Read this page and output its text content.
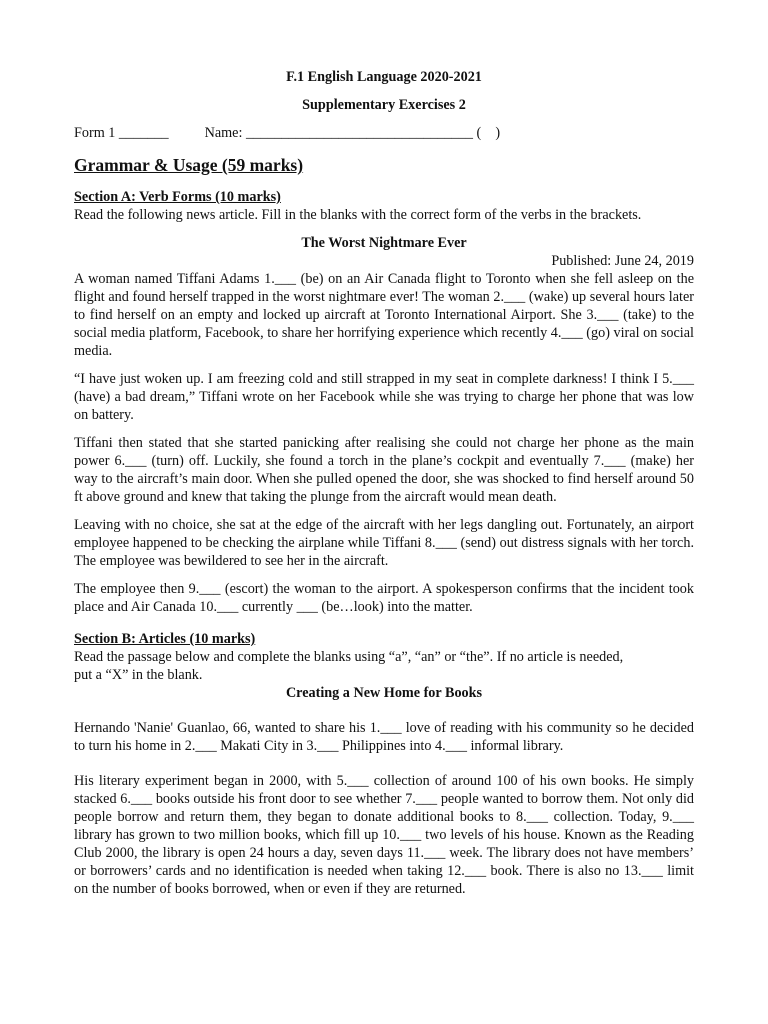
F.1 English Language 2020-2021

Supplementary Exercises 2

Form 1 _______	Name: ________________________________ (    )

Grammar & Usage (59 marks)

Section A: Verb Forms (10 marks)

Read the following news article. Fill in the blanks with the correct form of the verbs in the brackets.

The Worst Nightmare Ever

Published: June 24, 2019

A woman named Tiffani Adams 1.___ (be) on an Air Canada flight to Toronto when she fell asleep on the flight and found herself trapped in the worst nightmare ever! The woman 2.___ (wake) up several hours later to find herself on an empty and locked up aircraft at Toronto International Airport. She 3.___ (take) to the social media platform, Facebook, to share her horrifying experience which recently 4.___ (go) viral on social media.

“I have just woken up. I am freezing cold and still strapped in my seat in complete darkness! I think I 5.___ (have) a bad dream,” Tiffani wrote on her Facebook while she was trying to charge her phone that was low on battery.

Tiffani then stated that she started panicking after realising she could not charge her phone as the main power 6.___ (turn) off. Luckily, she found a torch in the plane’s cockpit and eventually 7.___ (make) her way to the aircraft’s main door. When she pulled opened the door, she was shocked to find herself around 50 ft above ground and knew that taking the plunge from the aircraft would mean death.

Leaving with no choice, she sat at the edge of the aircraft with her legs dangling out. Fortunately, an airport employee happened to be checking the airplane while Tiffani 8.___ (send) out distress signals with her torch. The employee was bewildered to see her in the aircraft.

The employee then 9.___ (escort) the woman to the airport. A spokesperson confirms that the incident took place and Air Canada 10.___ currently ___ (be…look) into the matter.

Section B: Articles (10 marks)

Read the passage below and complete the blanks using “a”, “an” or “the”. If no article is needed,

put a “X” in the blank.

Creating a New Home for Books

Hernando 'Nanie' Guanlao, 66, wanted to share his 1.___ love of reading with his community so he decided to turn his home in 2.___ Makati City in 3.___ Philippines into 4.___ informal library.

His literary experiment began in 2000, with 5.___ collection of around 100 of his own books. He simply stacked 6.___ books outside his front door to see whether 7.___ people wanted to borrow them. Not only did people borrow and return them, they began to donate additional books to 8.___ collection. Today, 9.___ library has grown to two million books, which fill up 10.___ two levels of his house. Known as the Reading Club 2000, the library is open 24 hours a day, seven days 11.___ week. The library does not have members’ or borrowers’ cards and no identification is needed when taking 12.___ book. There is also no 13.___ limit on the number of books borrowed, when or even if they are returned.
